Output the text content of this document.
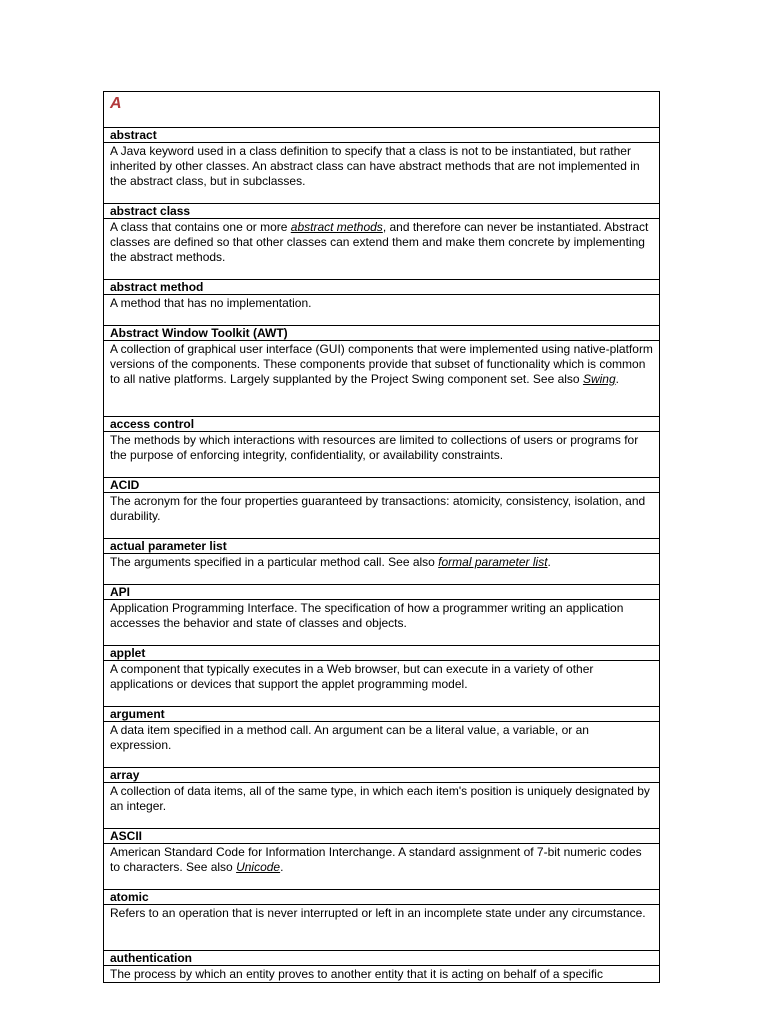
A
abstract
A Java keyword used in a class definition to specify that a class is not to be instantiated, but rather inherited by other classes. An abstract class can have abstract methods that are not implemented in the abstract class, but in subclasses.
abstract class
A class that contains one or more abstract methods, and therefore can never be instantiated. Abstract classes are defined so that other classes can extend them and make them concrete by implementing the abstract methods.
abstract method
A method that has no implementation.
Abstract Window Toolkit (AWT)
A collection of graphical user interface (GUI) components that were implemented using native-platform versions of the components. These components provide that subset of functionality which is common to all native platforms. Largely supplanted by the Project Swing component set. See also Swing.
access control
The methods by which interactions with resources are limited to collections of users or programs for the purpose of enforcing integrity, confidentiality, or availability constraints.
ACID
The acronym for the four properties guaranteed by transactions: atomicity, consistency, isolation, and durability.
actual parameter list
The arguments specified in a particular method call. See also formal parameter list.
API
Application Programming Interface. The specification of how a programmer writing an application accesses the behavior and state of classes and objects.
applet
A component that typically executes in a Web browser, but can execute in a variety of other applications or devices that support the applet programming model.
argument
A data item specified in a method call. An argument can be a literal value, a variable, or an expression.
array
A collection of data items, all of the same type, in which each item's position is uniquely designated by an integer.
ASCII
American Standard Code for Information Interchange. A standard assignment of 7-bit numeric codes to characters. See also Unicode.
atomic
Refers to an operation that is never interrupted or left in an incomplete state under any circumstance.
authentication
The process by which an entity proves to another entity that it is acting on behalf of a specific
